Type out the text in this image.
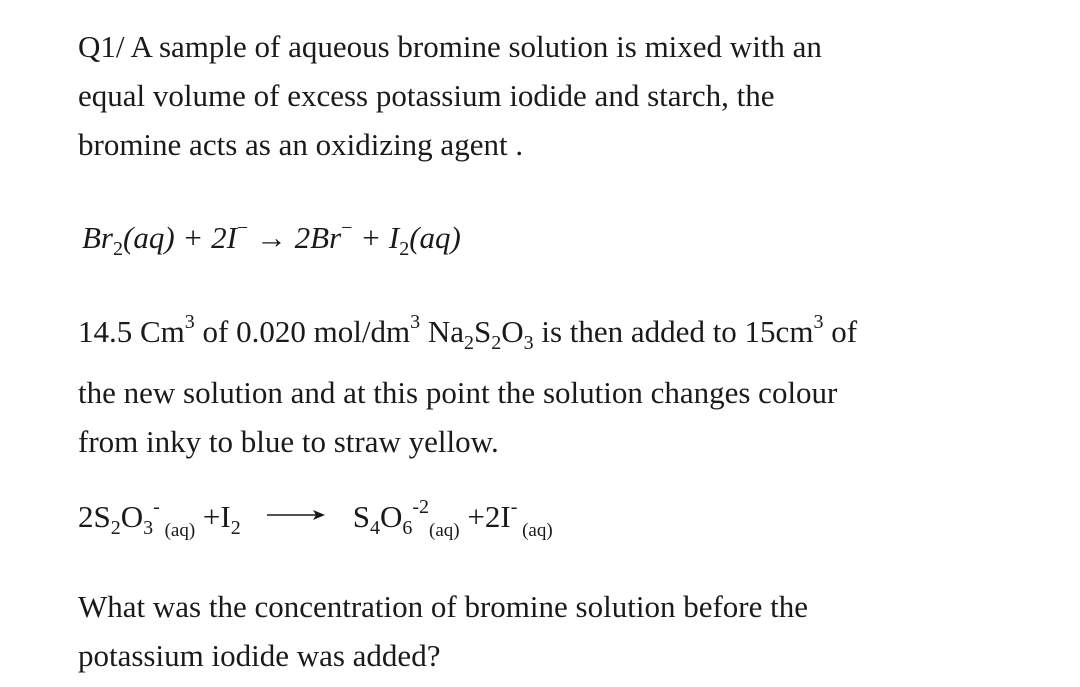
Q1/ A sample of aqueous bromine solution is mixed with an
equal volume of excess potassium iodide and starch, the
bromine acts as an oxidizing agent .

$Br_2(aq) + 2I^- \to 2Br^- + I_2(aq)$

14.5 Cm$^3$ of 0.020 mol/$dm^3$ $Na_2S_2O_3$ is then added to $15cm^3$ of
the new solution and at this point the solution changes colour
from inky to blue to straw yellow.

$2S_2O_3^-$ $_{(aq)} +I_2 \to S_4O_6^{-2}_{(aq)} +2I^-$ $_{(aq)}$

What was the concentration of bromine solution before the
potassium iodide was added?
